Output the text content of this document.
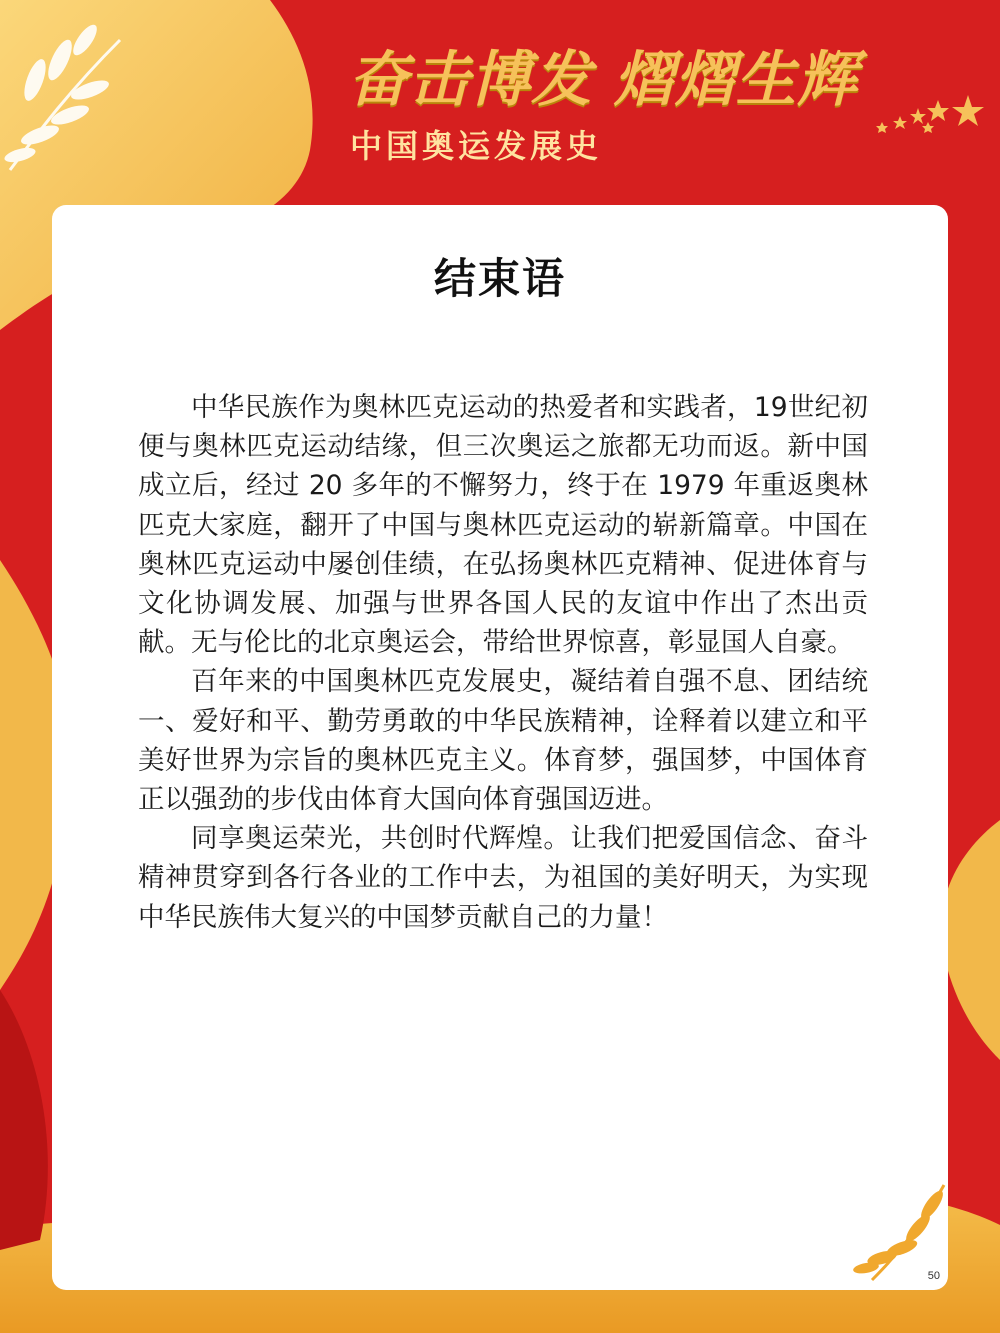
奋击博发 熠熠生辉
中国奥运发展史
结束语

中华民族作为奥林匹克运动的热爱者和实践者，19世纪初便与奥林匹克运动结缘，但三次奥运之旅都无功而返。新中国成立后，经过 20 多年的不懈努力，终于在 1979 年重返奥林匹克大家庭，翻开了中国与奥林匹克运动的崭新篇章。中国在奥林匹克运动中屡创佳绩，在弘扬奥林匹克精神、促进体育与文化协调发展、加强与世界各国人民的友谊中作出了杰出贡献。无与伦比的北京奥运会，带给世界惊喜，彰显国人自豪。

百年来的中国奥林匹克发展史，凝结着自强不息、团结统一、爱好和平、勤劳勇敢的中华民族精神，诠释着以建立和平美好世界为宗旨的奥林匹克主义。体育梦，强国梦，中国体育正以强劲的步伐由体育大国向体育强国迈进。

同享奥运荣光，共创时代辉煌。让我们把爱国信念、奋斗精神贯穿到各行各业的工作中去，为祖国的美好明天，为实现中华民族伟大复兴的中国梦贡献自己的力量！

50
